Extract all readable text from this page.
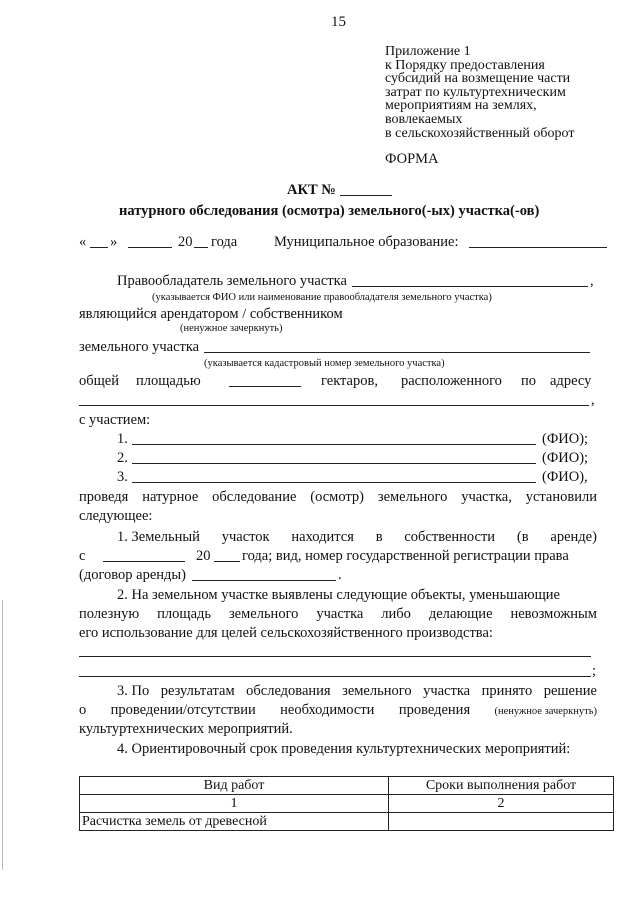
15
Приложение 1
к Порядку предоставления
субсидий на возмещение части
затрат по культуртехническим
мероприятиям на землях,
вовлекаемых
в сельскохозяйственный оборот
ФОРМА
АКТ №
натурного обследования (осмотра) земельного(-ых) участка(-ов)
« »	20 года	Муниципальное образование:
Правообладатель земельного участка	,
(указывается ФИО или наименование правообладателя земельного участка)
являющийся арендатором / собственником
(ненужное зачеркнуть)
земельного участка
(указывается кадастровый номер земельного участка)
общей площадью	гектаров, расположенного по адресу
,
с участием:
1.	(ФИО);
2.	(ФИО);
3.	(ФИО),
проведя натурное обследование (осмотр) земельного участка, установили
следующее:
1. Земельный участок находится в собственности (в аренде)
с	20 года; вид, номер государственной регистрации права
(договор аренды)	.
2. На земельном участке выявлены следующие объекты, уменьшающие
полезную площадь земельного участка либо делающие невозможным
его использование для целей сельскохозяйственного производства:
;
3. По результатам обследования земельного участка принято решение
о проведении/отсутствии необходимости проведения (ненужное зачеркнуть)
культуртехнических мероприятий.
4. Ориентировочный срок проведения культуртехнических мероприятий:
Вид работ	Сроки выполнения работ
1	2
Расчистка земель от древесной	
